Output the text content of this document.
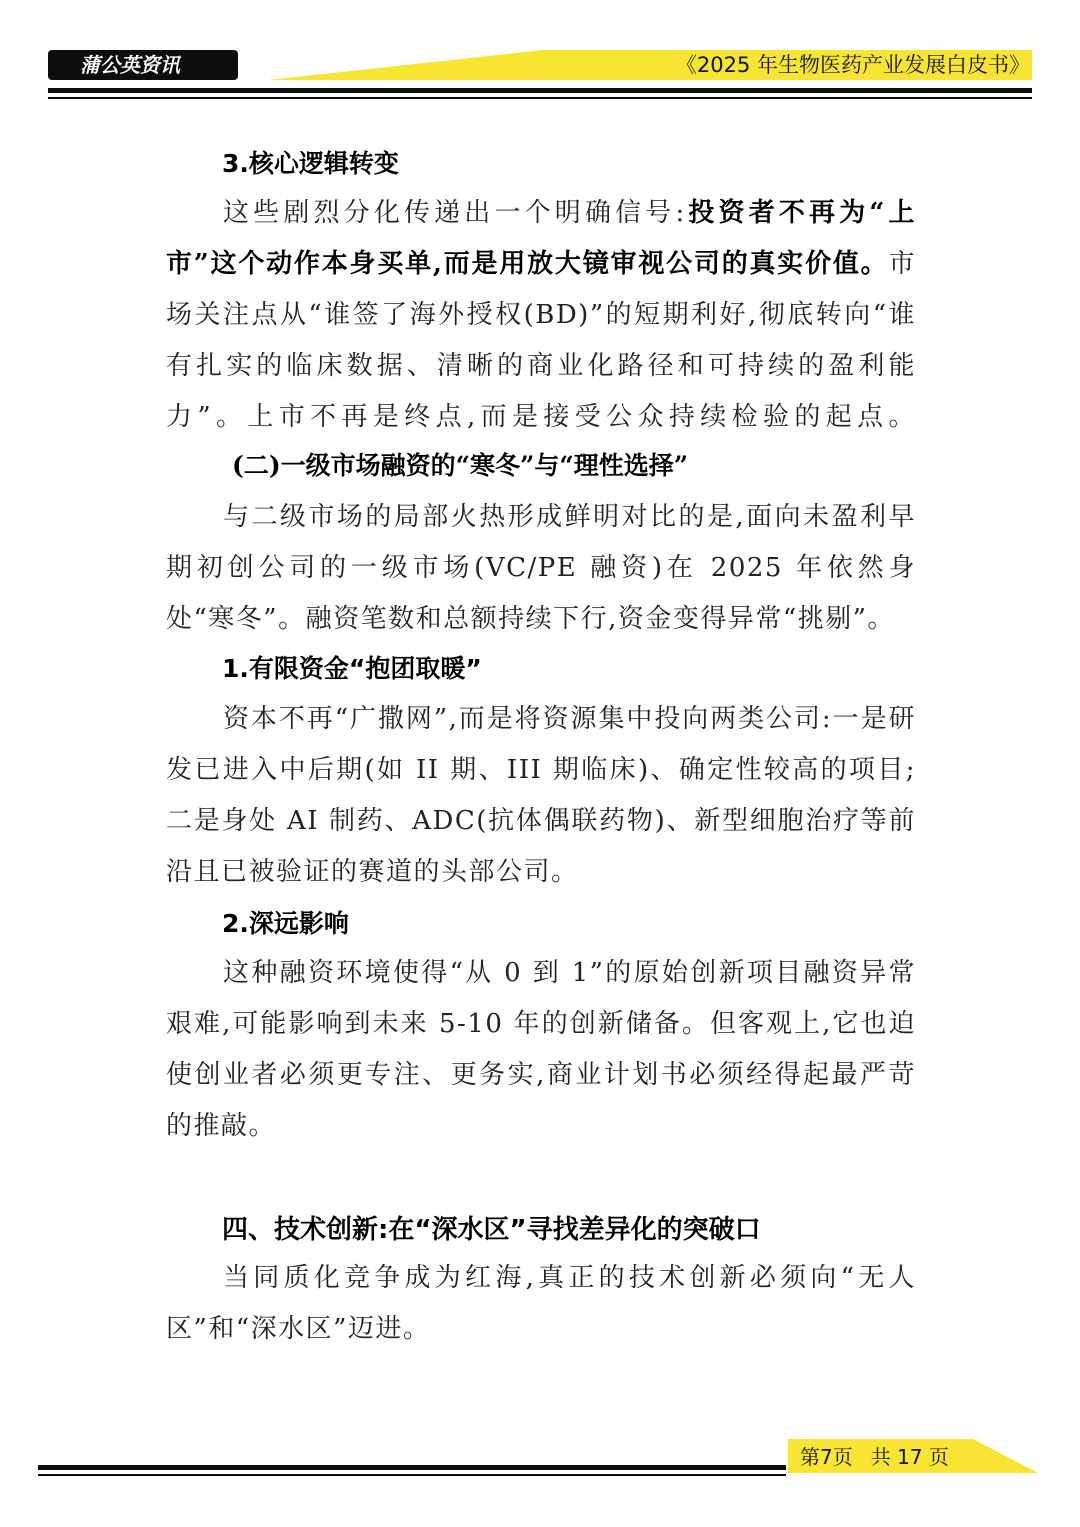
蒲公英资讯	《2025 年生物医药产业发展白皮书》
3.核心逻辑转变

这些剧烈分化传递出一个明确信号:投资者不再为“上市”这个动作本身买单,而是用放大镜审视公司的真实价值。市场关注点从“谁签了海外授权(BD)”的短期利好,彻底转向“谁有扎实的临床数据、清晰的商业化路径和可持续的盈利能力”。上市不再是终点,而是接受公众持续检验的起点。

(二)一级市场融资的“寒冬”与“理性选择”

与二级市场的局部火热形成鲜明对比的是,面向未盈利早期初创公司的一级市场(VC/PE 融资)在 2025 年依然身处“寒冬”。融资笔数和总额持续下行,资金变得异常“挑剔”。

1.有限资金“抱团取暖”

资本不再“广撒网”,而是将资源集中投向两类公司:一是研发已进入中后期(如 II 期、III 期临床)、确定性较高的项目;二是身处 AI 制药、ADC(抗体偶联药物)、新型细胞治疗等前沿且已被验证的赛道的头部公司。

2.深远影响

这种融资环境使得“从 0 到 1”的原始创新项目融资异常艰难,可能影响到未来 5-10 年的创新储备。但客观上,它也迫使创业者必须更专注、更务实,商业计划书必须经得起最严苛的推敲。

四、技术创新:在“深水区”寻找差异化的突破口

当同质化竞争成为红海,真正的技术创新必须向“无人区”和“深水区”迈进。

第7页 共 17 页
